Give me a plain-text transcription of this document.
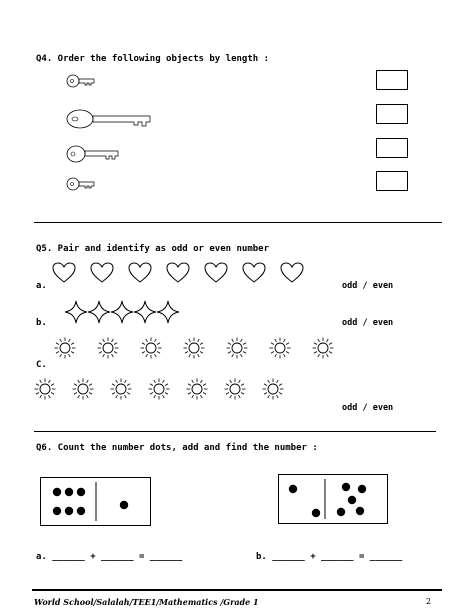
Q4. Order the following objects by length :
Q5. Pair and identify as odd or even number
a.
b.
C.
odd / even
odd / even
odd / even
Q6. Count the number dots, add and find the number :
a. ______ + ______ = ______	b. ______ + ______ = ______
World School/Salalah/TEE1/Mathematics /Grade 1	2
